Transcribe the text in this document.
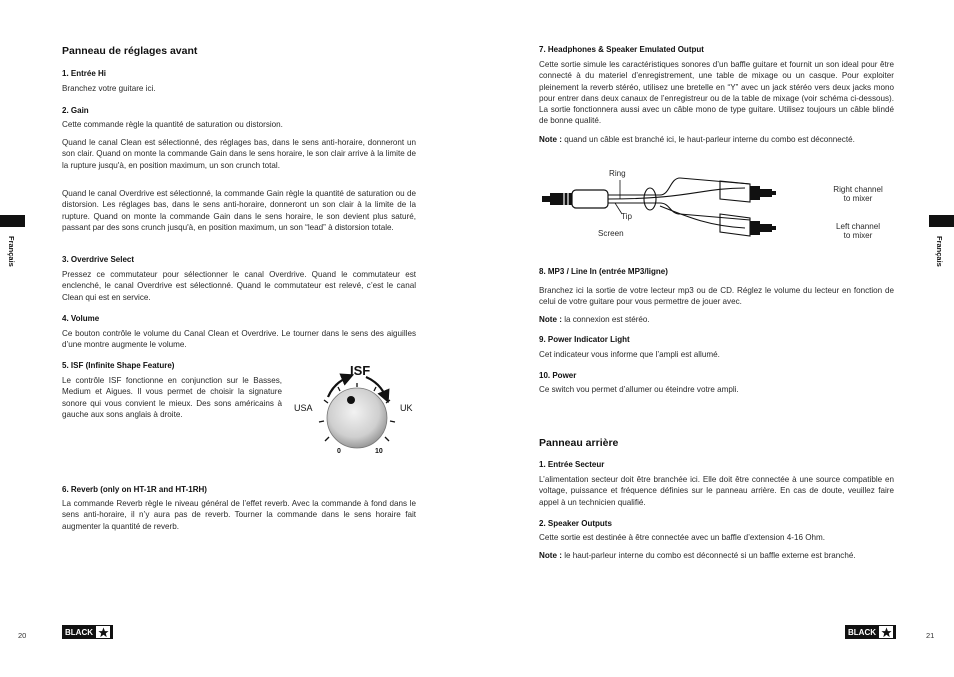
Panneau de réglages avant
1. Entrée Hi
Branchez votre guitare ici.
2. Gain
Cette commande règle la quantité de saturation ou distorsion.
Quand le canal Clean est sélectionné, des réglages bas, dans le sens anti-horaire, donneront un son clair. Quand on monte la commande Gain dans le sens horaire, le son clair arrive à la limite de la rupture jusqu'à, en position maximum, un son crunch total.
Quand le canal Overdrive est sélectionné, la commande Gain règle la quantité de saturation ou de distorsion. Les réglages bas, dans le sens anti-horaire, donneront un son clair à la limite de la rupture. Quand on monte la commande Gain dans le sens horaire, le son devient plus saturé, passant par des sons crunch jusqu'à, en position maximum, un son “lead” à distorsion totale.
3. Overdrive Select
Pressez ce commutateur pour sélectionner le canal Overdrive. Quand le commutateur est enclenché, le canal Overdrive est sélectionné. Quand le commutateur est relevé, c’est le canal Clean qui est en service.
4. Volume
Ce bouton contrôle le volume du Canal Clean et Overdrive. Le tourner dans le sens des aiguilles d’une montre augmente le volume.
5. ISF (Infinite Shape Feature)
Le contrôle ISF fonctionne en conjunction sur le Basses, Medium et Aigues. Il vous permet de choisir la signature sonore qui vous convient le mieux. Des sons américains à gauche aux sons anglais à droite.
ISF
USA	UK
0	10
6. Reverb (only on HT-1R and HT-1RH)
La commande Reverb règle le niveau général de l’effet reverb. Avec la commande à fond dans le sens anti-horaire, il n’y aura pas de reverb. Tourner la commande dans le sens horaire fait augmenter la quantité de reverb.
Français
20	BLACK
7. Headphones & Speaker Emulated Output
Cette sortie simule les caractéristiques sonores d’un baffle guitare et fournit un son ideal pour être connecté à du materiel d’enregistrement, une table de mixage ou un casque. Pour exploiter pleinement la reverb stéréo, utilisez une bretelle en “Y” avec un jack stéréo vers deux jacks mono pour entrer dans deux canaux de l’enregistreur ou de la table de mixage (voir schéma ci-dessous). La sortie fonctionnera aussi avec un câble mono de type guitare. Utilisez toujours un câble blindé de bonne qualité.
Note : quand un câble est branché ici, le haut-parleur interne du combo est déconnecté.
Ring
Tip
Screen
Right channel
to mixer
Left channel
to mixer
8. MP3 / Line In (entrée MP3/ligne)
Branchez ici la sortie de votre lecteur mp3 ou de CD. Réglez le volume du lecteur en fonction de celui de votre guitare pour vous permettre de jouer avec.
Note : la connexion est stéréo.
9. Power Indicator Light
Cet indicateur vous informe que l’ampli est allumé.
10. Power
Ce switch vou permet d’allumer ou éteindre votre ampli.
Panneau arrière
1. Entrée Secteur
L’alimentation secteur doit être branchée ici. Elle doit être connectée à une source compatible en voltage, puissance et fréquence définies sur le panneau arrière. En cas de doute, veuillez faire appel à un technicien qualifié.
2. Speaker Outputs
Cette sortie est destinée à être connectée avec un baffle d’extension 4-16 Ohm.
Note : le haut-parleur interne du combo est déconnecté si un baffle externe est branché.
Français
BLACK	21
